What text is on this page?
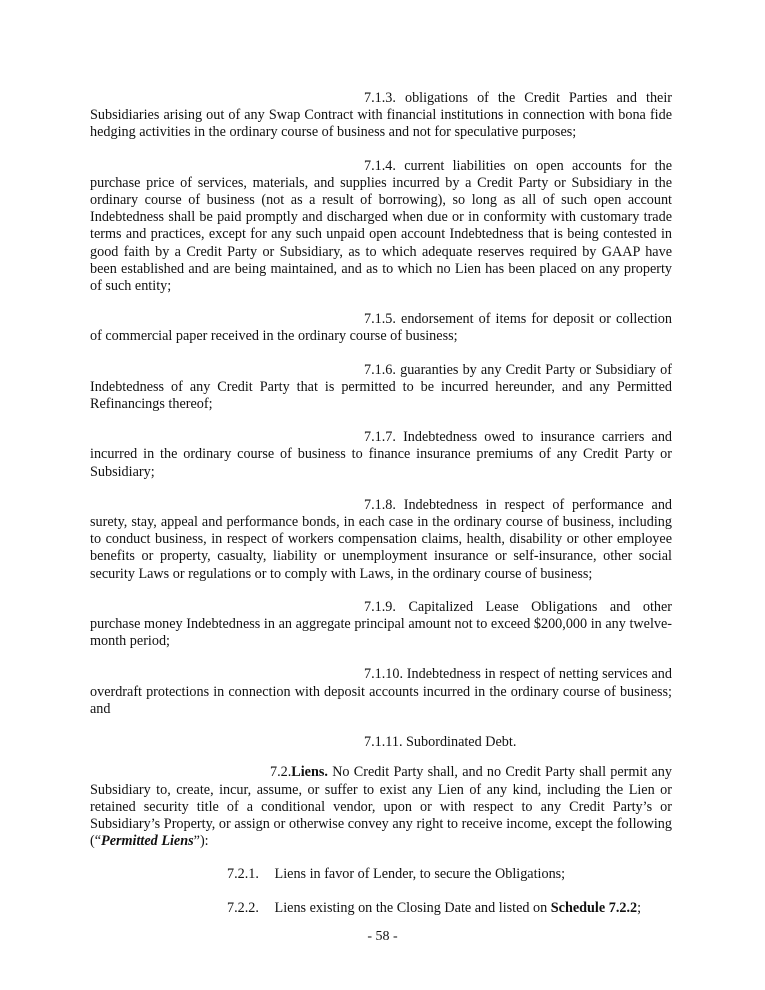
7.1.3. obligations of the Credit Parties and their Subsidiaries arising out of any Swap Contract with financial institutions in connection with bona fide hedging activities in the ordinary course of business and not for speculative purposes;

7.1.4. current liabilities on open accounts for the purchase price of services, materials, and supplies incurred by a Credit Party or Subsidiary in the ordinary course of business (not as a result of borrowing), so long as all of such open account Indebtedness shall be paid promptly and discharged when due or in conformity with customary trade terms and practices, except for any such unpaid open account Indebtedness that is being contested in good faith by a Credit Party or Subsidiary, as to which adequate reserves required by GAAP have been established and are being maintained, and as to which no Lien has been placed on any property of such entity;

7.1.5. endorsement of items for deposit or collection of commercial paper received in the ordinary course of business;

7.1.6. guaranties by any Credit Party or Subsidiary of Indebtedness of any Credit Party that is permitted to be incurred hereunder, and any Permitted Refinancings thereof;

7.1.7. Indebtedness owed to insurance carriers and incurred in the ordinary course of business to finance insurance premiums of any Credit Party or Subsidiary;

7.1.8. Indebtedness in respect of performance and surety, stay, appeal and performance bonds, in each case in the ordinary course of business, including to conduct business, in respect of workers compensation claims, health, disability or other employee benefits or property, casualty, liability or unemployment insurance or self-insurance, other social security Laws or regulations or to comply with Laws, in the ordinary course of business;

7.1.9. Capitalized Lease Obligations and other purchase money Indebtedness in an aggregate principal amount not to exceed $200,000 in any twelve-month period;

7.1.10. Indebtedness in respect of netting services and overdraft protections in connection with deposit accounts incurred in the ordinary course of business; and

7.1.11. Subordinated Debt.

7.2.Liens. No Credit Party shall, and no Credit Party shall permit any Subsidiary to, create, incur, assume, or suffer to exist any Lien of any kind, including the Lien or retained security title of a conditional vendor, upon or with respect to any Credit Party’s or Subsidiary’s Property, or assign or otherwise convey any right to receive income, except the following (“Permitted Liens”):

7.2.1. Liens in favor of Lender, to secure the Obligations;

7.2.2. Liens existing on the Closing Date and listed on Schedule 7.2.2;

- 58 -
